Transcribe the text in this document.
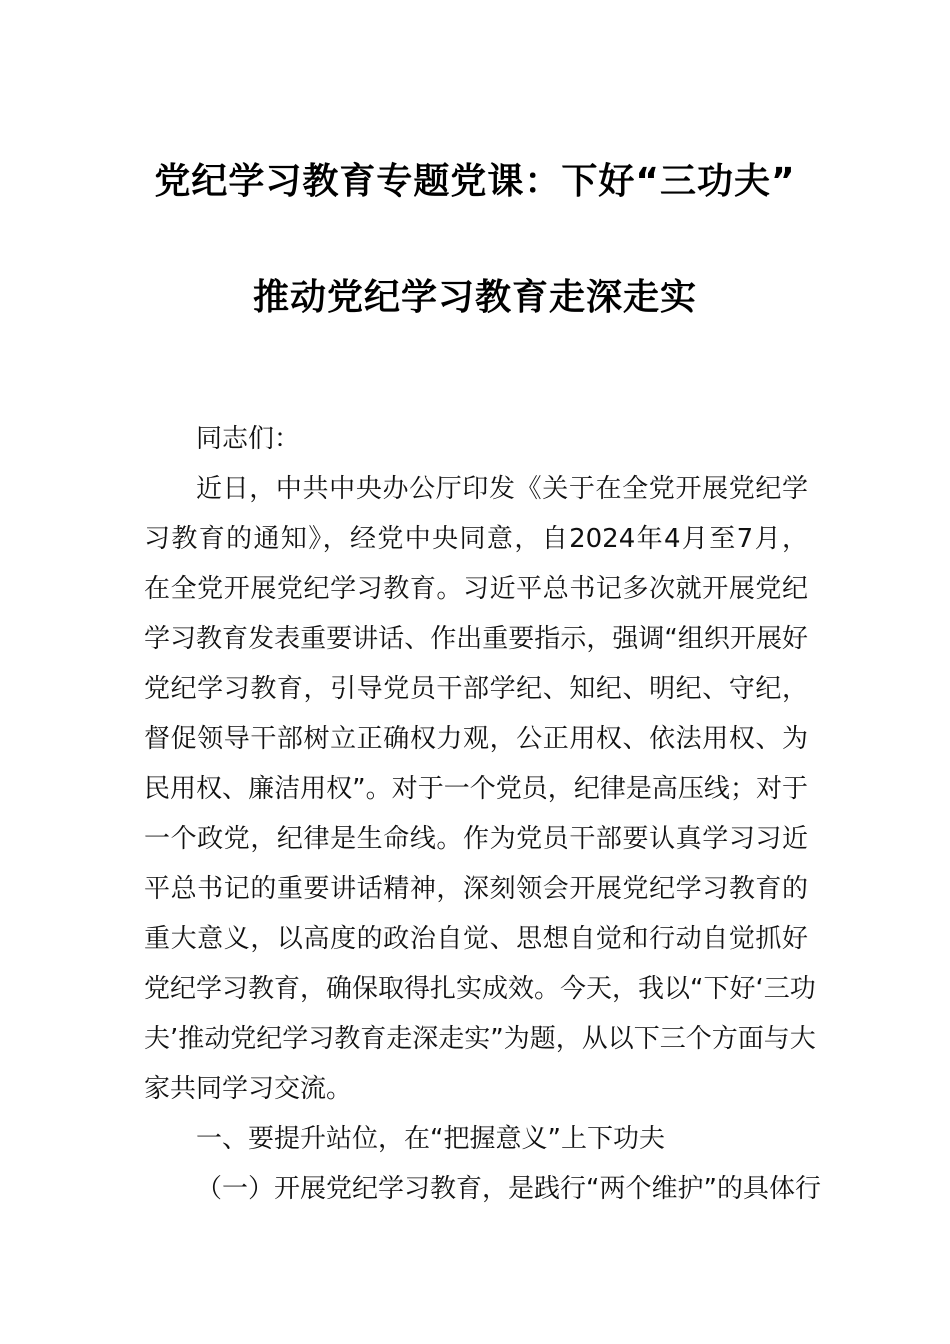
党纪学习教育专题党课：下好“三功夫”
推动党纪学习教育走深走实
同志们：
近日，中共中央办公厅印发《关于在全党开展党纪学
习教育的通知》，经党中央同意，自2024年4月至7月，
在全党开展党纪学习教育。习近平总书记多次就开展党纪
学习教育发表重要讲话、作出重要指示，强调“组织开展好
党纪学习教育，引导党员干部学纪、知纪、明纪、守纪，
督促领导干部树立正确权力观，公正用权、依法用权、为
民用权、廉洁用权”。对于一个党员，纪律是高压线；对于
一个政党，纪律是生命线。作为党员干部要认真学习习近
平总书记的重要讲话精神，深刻领会开展党纪学习教育的
重大意义，以高度的政治自觉、思想自觉和行动自觉抓好
党纪学习教育，确保取得扎实成效。今天，我以“下好‘三功
夫’推动党纪学习教育走深走实”为题，从以下三个方面与大
家共同学习交流。
一、要提升站位，在“把握意义”上下功夫
（一）开展党纪学习教育，是践行“两个维护”的具体行
